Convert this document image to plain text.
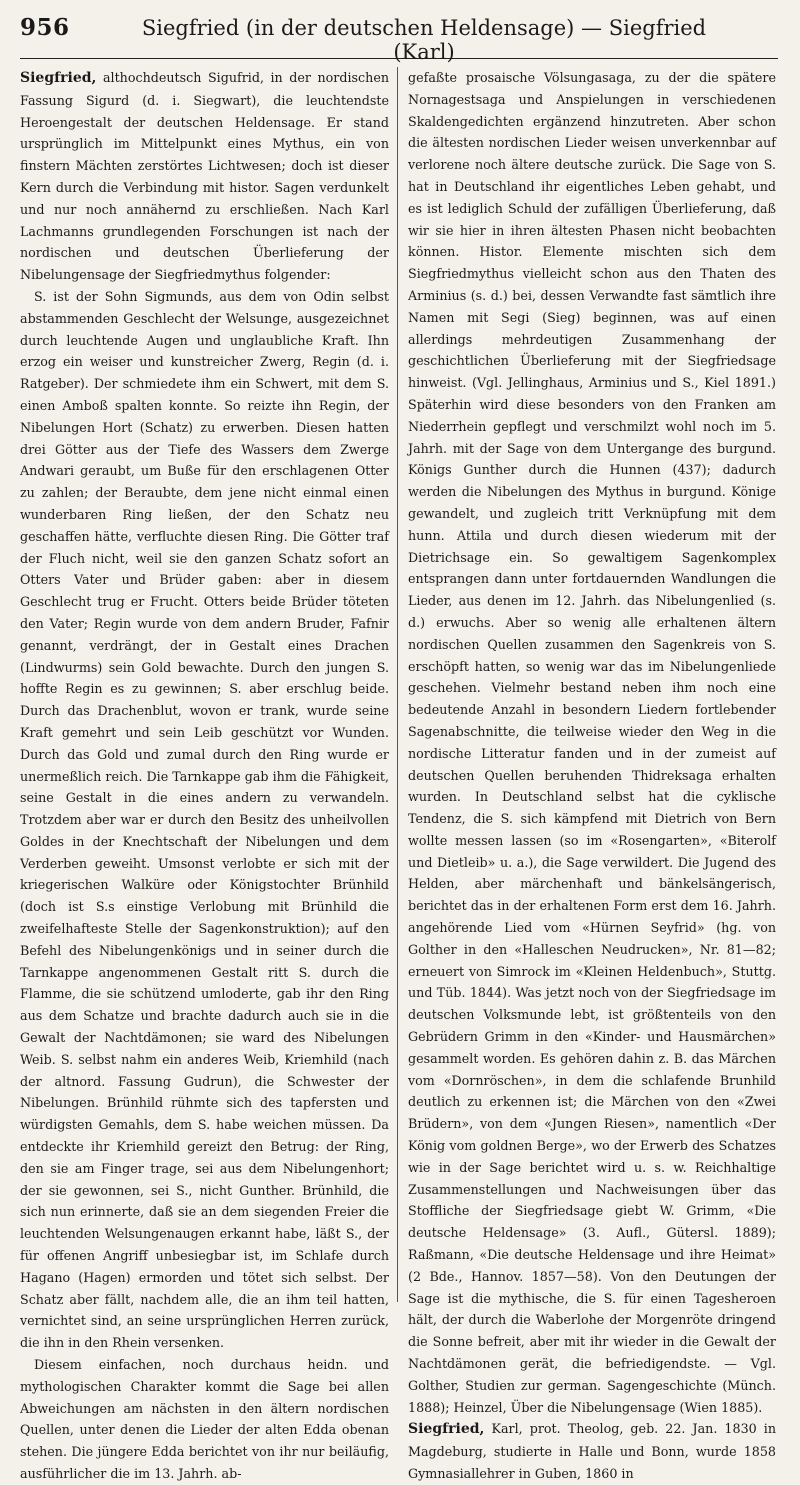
956	Siegfried (in der deutschen Heldensage) — Siegfried (Karl)

Siegfried, althochdeutsch Sigufrid, in der nordischen Fassung Sigurd (d. i. Siegwart), die leuchtendste Heroengestalt der deutschen Heldensage. Er stand ursprünglich im Mittelpunkt eines Mythus, ein von finstern Mächten zerstörtes Lichtwesen; doch ist dieser Kern durch die Verbindung mit histor. Sagen verdunkelt und nur noch annähernd zu erschließen. Nach Karl Lachmanns grundlegenden Forschungen ist nach der nordischen und deutschen Überlieferung der Nibelungensage der Siegfriedmythus folgender:

S. ist der Sohn Sigmunds, aus dem von Odin selbst abstammenden Geschlecht der Welsunge, ausgezeichnet durch leuchtende Augen und unglaubliche Kraft. Ihn erzog ein weiser und kunstreicher Zwerg, Regin (d. i. Ratgeber). Der schmiedete ihm ein Schwert, mit dem S. einen Amboß spalten konnte. So reizte ihn Regin, der Nibelungen Hort (Schatz) zu erwerben. Diesen hatten drei Götter aus der Tiefe des Wassers dem Zwerge Andwari geraubt, um Buße für den erschlagenen Otter zu zahlen; der Beraubte, dem jene nicht einmal einen wunderbaren Ring ließen, der den Schatz neu geschaffen hätte, verfluchte diesen Ring. Die Götter traf der Fluch nicht, weil sie den ganzen Schatz sofort an Otters Vater und Brüder gaben: aber in diesem Geschlecht trug er Frucht. Otters beide Brüder töteten den Vater; Regin wurde von dem andern Bruder, Fafnir genannt, verdrängt, der in Gestalt eines Drachen (Lindwurms) sein Gold bewachte. Durch den jungen S. hoffte Regin es zu gewinnen; S. aber erschlug beide. Durch das Drachenblut, wovon er trank, wurde seine Kraft gemehrt und sein Leib geschützt vor Wunden. Durch das Gold und zumal durch den Ring wurde er unermeßlich reich. Die Tarnkappe gab ihm die Fähigkeit, seine Gestalt in die eines andern zu verwandeln. Trotzdem aber war er durch den Besitz des unheilvollen Goldes in der Knechtschaft der Nibelungen und dem Verderben geweiht. Umsonst verlobte er sich mit der kriegerischen Walküre oder Königstochter Brünhild (doch ist S.s einstige Verlobung mit Brünhild die zweifelhafteste Stelle der Sagenkonstruktion); auf den Befehl des Nibelungenkönigs und in seiner durch die Tarnkappe angenommenen Gestalt ritt S. durch die Flamme, die sie schützend umloderte, gab ihr den Ring aus dem Schatze und brachte dadurch auch sie in die Gewalt der Nachtdämonen; sie ward des Nibelungen Weib. S. selbst nahm ein anderes Weib, Kriemhild (nach der altnord. Fassung Gudrun), die Schwester der Nibelungen. Brünhild rühmte sich des tapfersten und würdigsten Gemahls, dem S. habe weichen müssen. Da entdeckte ihr Kriemhild gereizt den Betrug: der Ring, den sie am Finger trage, sei aus dem Nibelungenhort; der sie gewonnen, sei S., nicht Gunther. Brünhild, die sich nun erinnerte, daß sie an dem siegenden Freier die leuchtenden Welsungenaugen erkannt habe, läßt S., der für offenen Angriff unbesiegbar ist, im Schlafe durch Hagano (Hagen) ermorden und tötet sich selbst. Der Schatz aber fällt, nachdem alle, die an ihm teil hatten, vernichtet sind, an seine ursprünglichen Herren zurück, die ihn in den Rhein versenken.

Diesem einfachen, noch durchaus heidn. und mythologischen Charakter kommt die Sage bei allen Abweichungen am nächsten in den ältern nordischen Quellen, unter denen die Lieder der alten Edda obenan stehen. Die jüngere Edda berichtet von ihr nur beiläufig, ausführlicher die im 13. Jahrh. ab-

gefaßte prosaische Völsungasaga, zu der die spätere Nornagestsaga und Anspielungen in verschiedenen Skaldengedichten ergänzend hinzutreten. Aber schon die ältesten nordischen Lieder weisen unverkennbar auf verlorene noch ältere deutsche zurück. Die Sage von S. hat in Deutschland ihr eigentliches Leben gehabt, und es ist lediglich Schuld der zufälligen Überlieferung, daß wir sie hier in ihren ältesten Phasen nicht beobachten können. Histor. Elemente mischten sich dem Siegfriedmythus vielleicht schon aus den Thaten des Arminius (s. d.) bei, dessen Verwandte fast sämtlich ihre Namen mit Segi (Sieg) beginnen, was auf einen allerdings mehrdeutigen Zusammenhang der geschichtlichen Überlieferung mit der Siegfriedsage hinweist. (Vgl. Jellinghaus, Arminius und S., Kiel 1891.) Späterhin wird diese besonders von den Franken am Niederrhein gepflegt und verschmilzt wohl noch im 5. Jahrh. mit der Sage von dem Untergange des burgund. Königs Gunther durch die Hunnen (437); dadurch werden die Nibelungen des Mythus in burgund. Könige gewandelt, und zugleich tritt Verknüpfung mit dem hunn. Attila und durch diesen wiederum mit der Dietrichsage ein. So gewaltigem Sagenkomplex entsprangen dann unter fortdauernden Wandlungen die Lieder, aus denen im 12. Jahrh. das Nibelungenlied (s. d.) erwuchs. Aber so wenig alle erhaltenen ältern nordischen Quellen zusammen den Sagenkreis von S. erschöpft hatten, so wenig war das im Nibelungenliede geschehen. Vielmehr bestand neben ihm noch eine bedeutende Anzahl in besondern Liedern fortlebender Sagenabschnitte, die teilweise wieder den Weg in die nordische Litteratur fanden und in der zumeist auf deutschen Quellen beruhenden Thidreksaga erhalten wurden. In Deutschland selbst hat die cyklische Tendenz, die S. sich kämpfend mit Dietrich von Bern wollte messen lassen (so im «Rosengarten», «Biterolf und Dietleib» u. a.), die Sage verwildert. Die Jugend des Helden, aber märchenhaft und bänkelsängerisch, berichtet das in der erhaltenen Form erst dem 16. Jahrh. angehörende Lied vom «Hürnen Seyfrid» (hg. von Golther in den «Halleschen Neudrucken», Nr. 81—82; erneuert von Simrock im «Kleinen Heldenbuch», Stuttg. und Tüb. 1844). Was jetzt noch von der Siegfriedsage im deutschen Volksmunde lebt, ist größtenteils von den Gebrüdern Grimm in den «Kinder- und Hausmärchen» gesammelt worden. Es gehören dahin z. B. das Märchen vom «Dornröschen», in dem die schlafende Brunhild deutlich zu erkennen ist; die Märchen von den «Zwei Brüdern», von dem «Jungen Riesen», namentlich «Der König vom goldnen Berge», wo der Erwerb des Schatzes wie in der Sage berichtet wird u. s. w. Reichhaltige Zusammenstellungen und Nachweisungen über das Stoffliche der Siegfriedsage giebt W. Grimm, «Die deutsche Heldensage» (3. Aufl., Gütersl. 1889); Raßmann, «Die deutsche Heldensage und ihre Heimat» (2 Bde., Hannov. 1857—58). Von den Deutungen der Sage ist die mythische, die S. für einen Tagesheroen hält, der durch die Waberlohe der Morgenröte dringend die Sonne befreit, aber mit ihr wieder in die Gewalt der Nachtdämonen gerät, die befriedigendste. — Vgl. Golther, Studien zur german. Sagengeschichte (Münch. 1888); Heinzel, Über die Nibelungensage (Wien 1885).

Siegfried, Karl, prot. Theolog, geb. 22. Jan. 1830 in Magdeburg, studierte in Halle und Bonn, wurde 1858 Gymnasiallehrer in Guben, 1860 in
